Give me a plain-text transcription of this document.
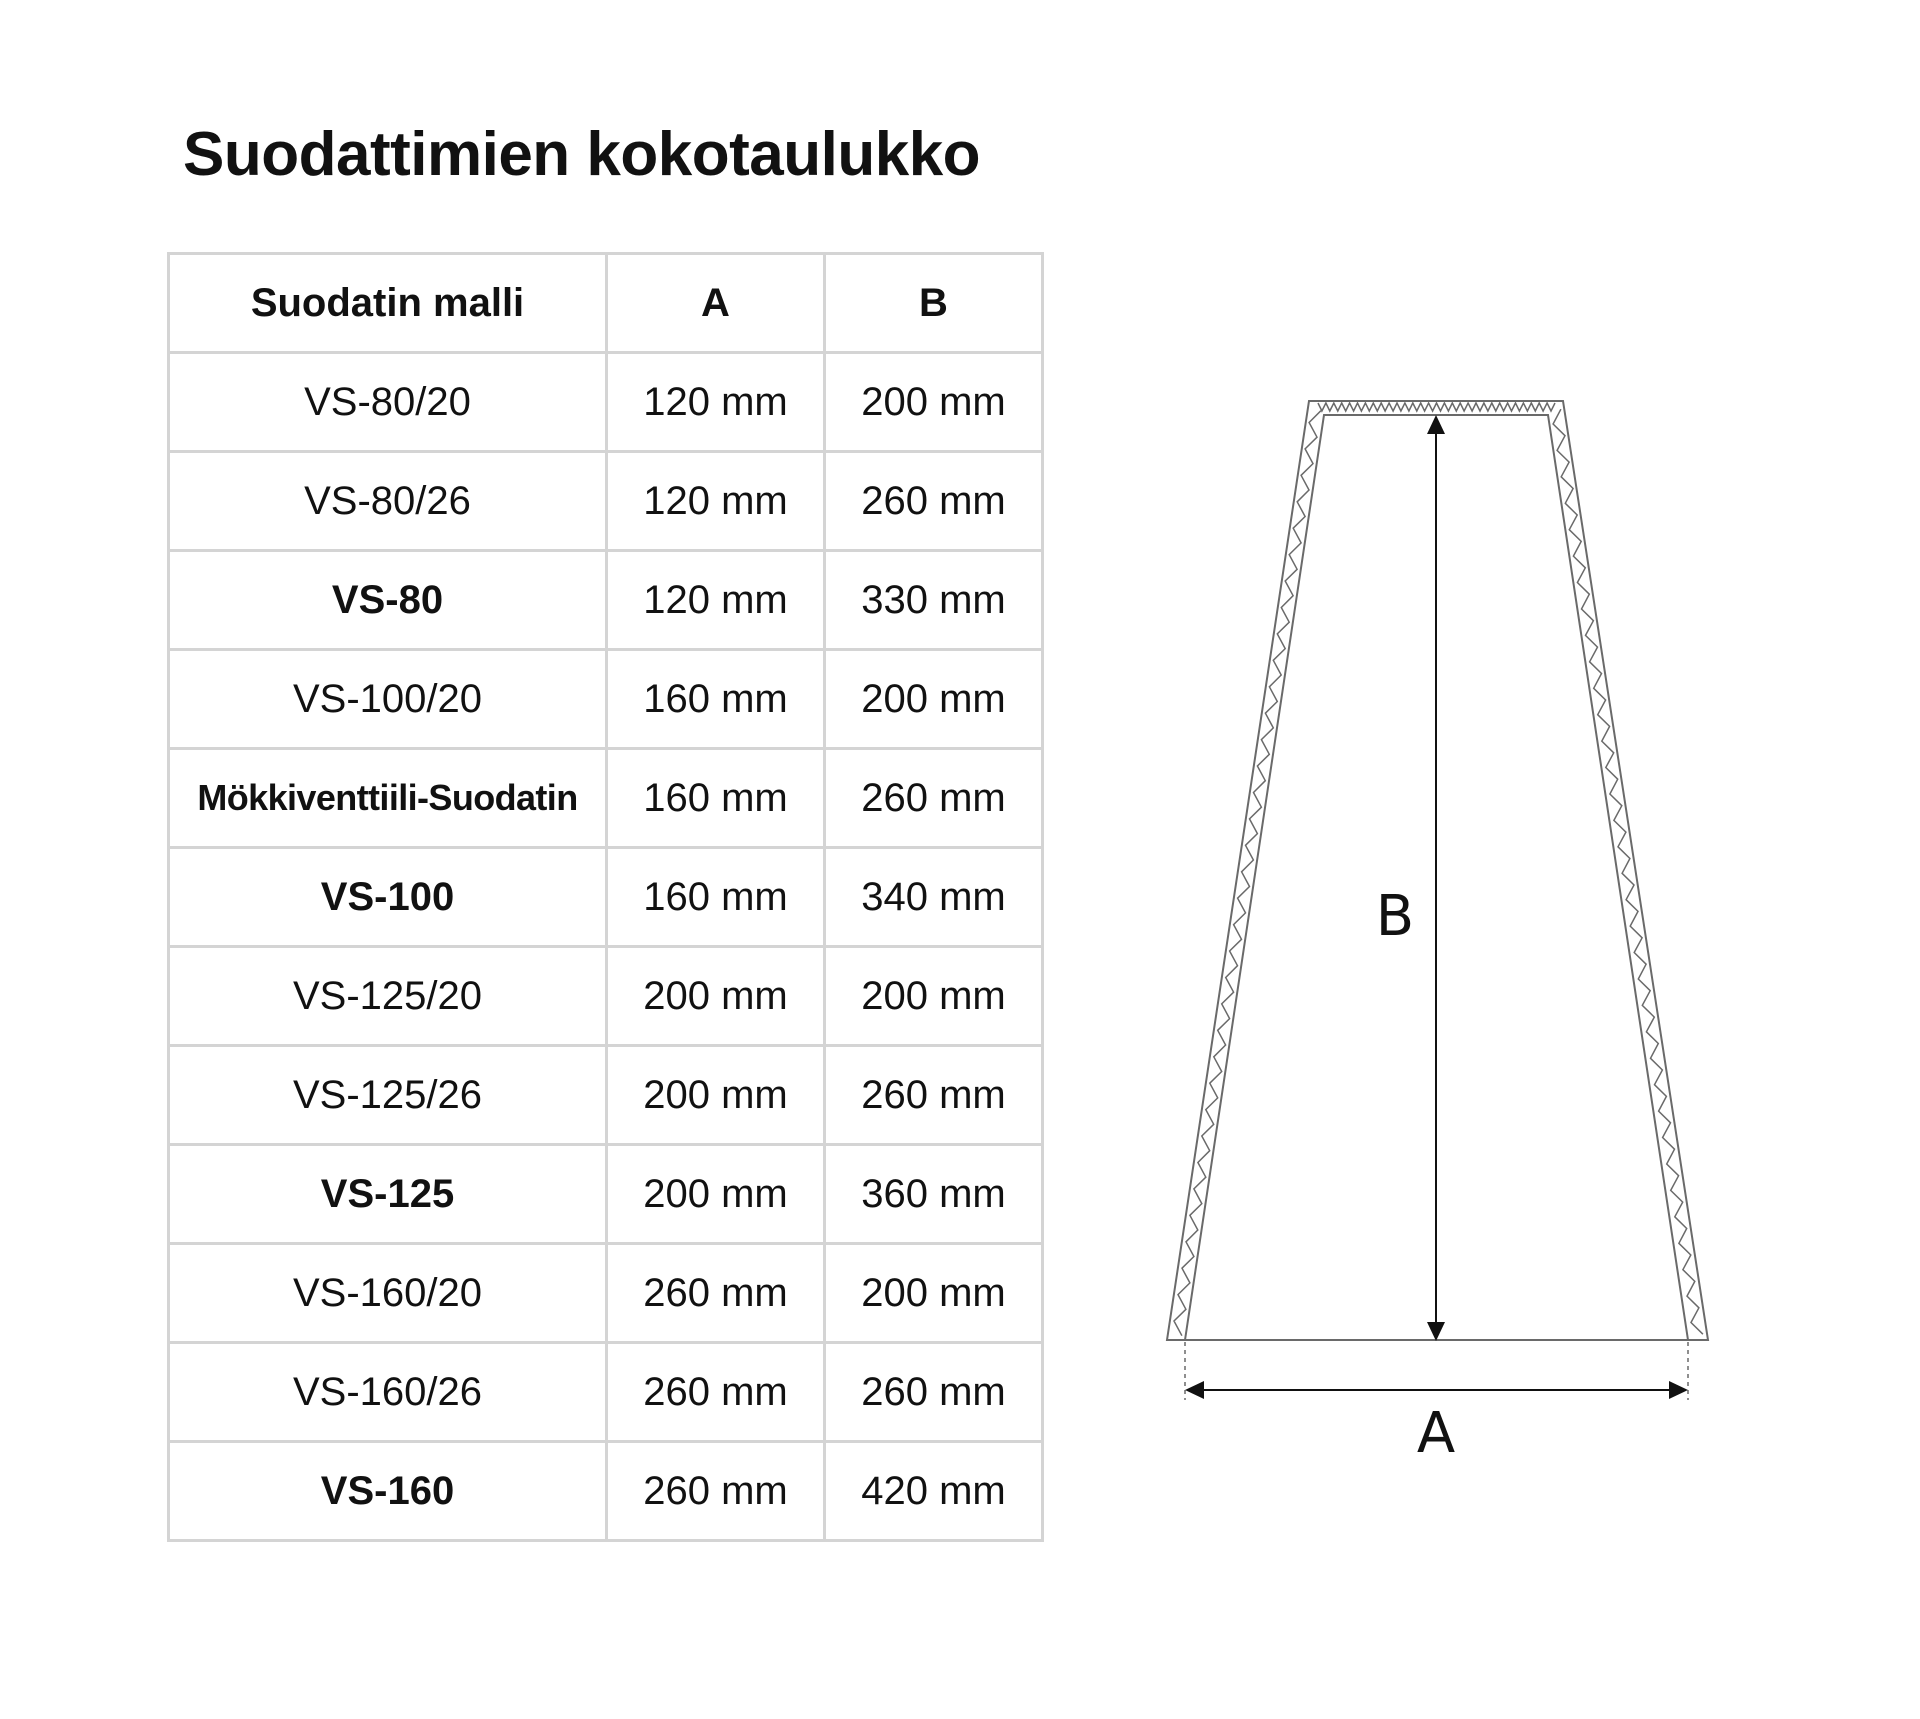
Suodattimien kokotaulukko
Suodatin malli	A	B
VS-80/20	120 mm	200 mm
VS-80/26	120 mm	260 mm
VS-80	120 mm	330 mm
VS-100/20	160 mm	200 mm
Mökkiventtiili-Suodatin	160 mm	260 mm
VS-100	160 mm	340 mm
VS-125/20	200 mm	200 mm
VS-125/26	200 mm	260 mm
VS-125	200 mm	360 mm
VS-160/20	260 mm	200 mm
VS-160/26	260 mm	260 mm
VS-160	260 mm	420 mm
B
A
